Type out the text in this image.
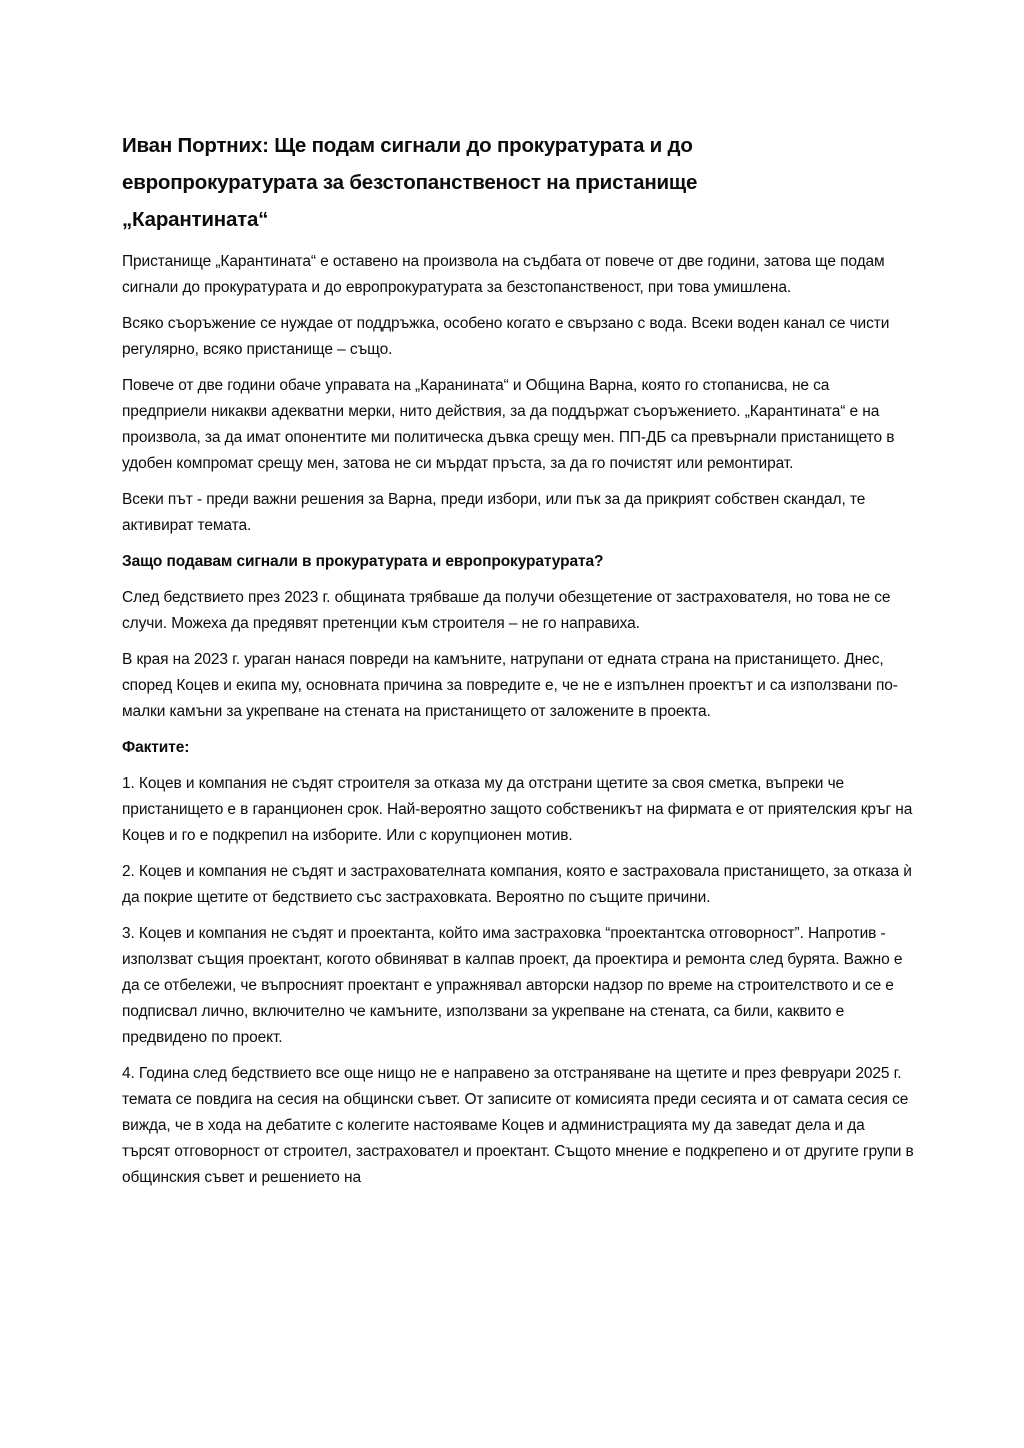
Иван Портних: Ще подам сигнали до прокуратурата и до
европрокуратурата за безстопанственост на пристанище
„Карантината“

Пристанище „Карантината“ е оставено на произвола на съдбата от повече от две години, затова ще подам сигнали до прокуратурата и до европрокуратурата за безстопанственост, при това умишлена.

Всяко съоръжение се нуждае от поддръжка, особено когато е свързано с вода. Всеки воден канал се чисти регулярно, всяко пристанище – също.

Повече от две години обаче управата на „Каранината“ и Община Варна, която го стопанисва, не са предприели никакви адекватни мерки, нито действия, за да поддържат съоръжението. „Карантината“ е на произвола, за да имат опонентите ми политическа дъвка срещу мен. ПП-ДБ са превърнали пристанището в удобен компромат срещу мен, затова не си мърдат пръста, за да го почистят или ремонтират.

Всеки път - преди важни решения за Варна, преди избори, или пък за да прикрият собствен скандал, те активират темата.

Защо подавам сигнали в прокуратурата и европрокуратурата?

След бедствието през 2023 г. общината трябваше да получи обезщетение от застрахователя, но това не се случи. Можеха да предявят претенции към строителя – не го направиха.

В края на 2023 г. ураган нанася повреди на камъните, натрупани от едната страна на пристанището. Днес, според Коцев и екипа му, основната причина за повредите е, че не е изпълнен проектът и са използвани по-малки камъни за укрепване на стената на пристанището от заложените в проекта.

Фактите:

1. Коцев и компания не съдят строителя за отказа му да отстрани щетите за своя сметка, въпреки че пристанището е в гаранционен срок. Най-вероятно защото собственикът на фирмата е от приятелския кръг на Коцев и го е подкрепил на изборите. Или с корупционен мотив.

2. Коцев и компания не съдят и застрахователната компания, която е застраховала пристанището, за отказа ѝ да покрие щетите от бедствието със застраховката. Вероятно по същите причини.

3. Коцев и компания не съдят и проектанта, който има застраховка “проектантска отговорност”. Напротив - използват същия проектант, когото обвиняват в калпав проект, да проектира и ремонта след бурята. Важно е да се отбележи, че въпросният проектант е упражнявал авторски надзор по време на строителството и се е подписвал лично, включително че камъните, използвани за укрепване на стената, са били, каквито е предвидено по проект.

4. Година след бедствието все още нищо не е направено за отстраняване на щетите и през февруари 2025 г. темата се повдига на сесия на общински съвет. От записите от комисията преди сесията и от самата сесия се вижда, че в хода на дебатите с колегите настояваме Коцев и администрацията му да заведат дела и да търсят отговорност от строител, застраховател и проектант. Същото мнение е подкрепено и от другите групи в общинския съвет и решението на
